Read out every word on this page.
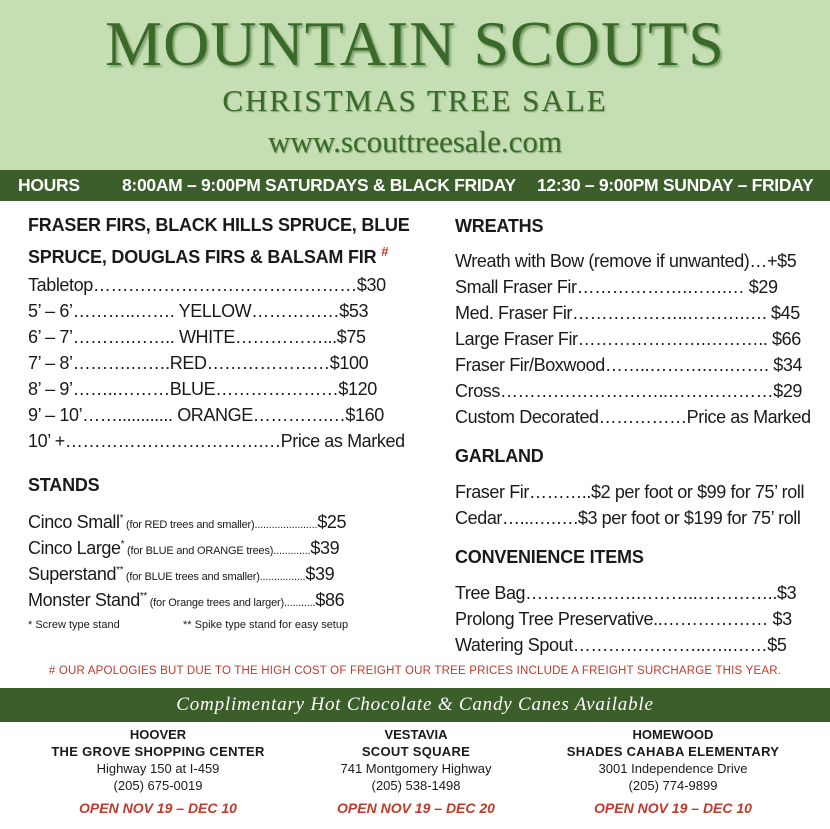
MOUNTAIN SCOUTS
CHRISTMAS TREE SALE
www.scouttreesale.com
HOURS 8:00AM – 9:00PM SATURDAYS & BLACK FRIDAY 12:30 – 9:00PM SUNDAY – FRIDAY
FRASER FIRS, BLACK HILLS SPRUCE, BLUE
SPRUCE, DOUGLAS FIRS & BALSAM FIR #
Tabletop………………………………………$30
5’ – 6’………..……. YELLOW……………$53
6’ – 7’……….…….. WHITE……………...$75
7’ – 8’……….…….RED…………………$100
8’ – 9’……..………BLUE…………………$120
9’ – 10’……............ ORANGE………….…$160
10’ +…………………………….…Price as Marked
STANDS
Cinco Small* (for RED trees and smaller)......................$25
Cinco Large* (for BLUE and ORANGE trees).............$39
Superstand** (for BLUE trees and smaller)................$39
Monster Stand** (for Orange trees and larger)...........$86
* Screw type stand	** Spike type stand for easy setup
WREATHS
Wreath with Bow (remove if unwanted)…+$5
Small Fraser Fir……………….…….… $29
Med. Fraser Fir………………..……….…. $45
Large Fraser Fir………………….……….. $66
Fraser Fir/Boxwood……..……….….……. $34
Cross………………………..………………$29
Custom Decorated……………Price as Marked
GARLAND
Fraser Fir………..$2 per foot or $99 for 75’ roll
Cedar…...….….$3 per foot or $199 for 75’ roll
CONVENIENCE ITEMS
Tree Bag……………….………..…………..$3
Prolong Tree Preservative..……………… $3
Watering Spout…………………..…..……$5
# OUR APOLOGIES BUT DUE TO THE HIGH COST OF FREIGHT OUR TREE PRICES INCLUDE A FREIGHT SURCHARGE THIS YEAR.
Complimentary Hot Chocolate & Candy Canes Available
HOOVER
THE GROVE SHOPPING CENTER
Highway 150 at I-459
(205) 675-0019
OPEN NOV 19 – DEC 10
VESTAVIA
SCOUT SQUARE
741 Montgomery Highway
(205) 538-1498
OPEN NOV 19 – DEC 20
HOMEWOOD
SHADES CAHABA ELEMENTARY
3001 Independence Drive
(205) 774-9899
OPEN NOV 19 – DEC 10
